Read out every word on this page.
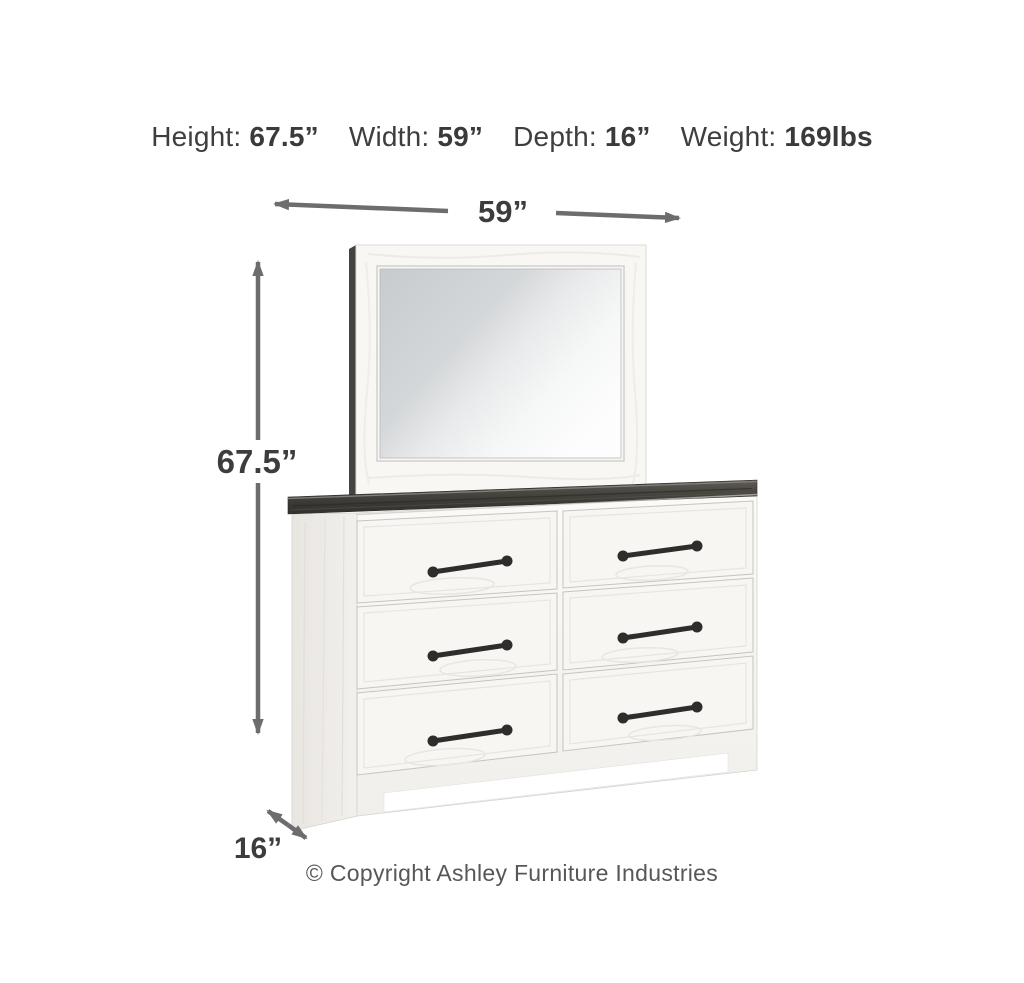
Height: 67.5” Width: 59” Depth: 16” Weight: 169lbs
59”
67.5”
16”
© Copyright Ashley Furniture Industries
